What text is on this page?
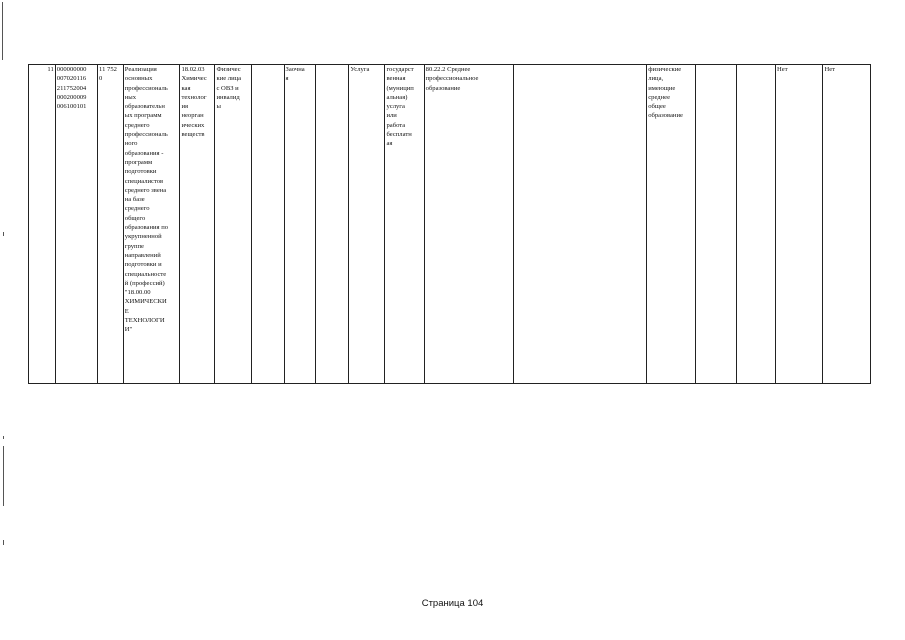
11	000000000
007020116
211752004
000200009
006100101	11 752
0	Реализация
основных
профессиональ
ных
образовательн
ых программ
среднего
профессиональ
ного
образования -
программ
подготовки
специалистов
среднего звена
на базе
среднего
общего
образования по
укрупненной
группе
направлений
подготовки и
специальносте
й (профессий)
"18.00.00
ХИМИЧЕСКИ
Е
ТЕХНОЛОГИ
И"	18.02.03
Химичес
кая
технолог
ия
неорган
ических
веществ	Физичес
кие лица
с ОВЗ и
инвалид
ы		Заочна
я		Услуга	государст
венная
(муницип
альная)
услуга
или
работа
бесплатн
ая	80.22.2 Среднее
профессиональное
образование		физические
лица,
имеющие
среднее
общее
образование			Нет	Нет
Страница 104
